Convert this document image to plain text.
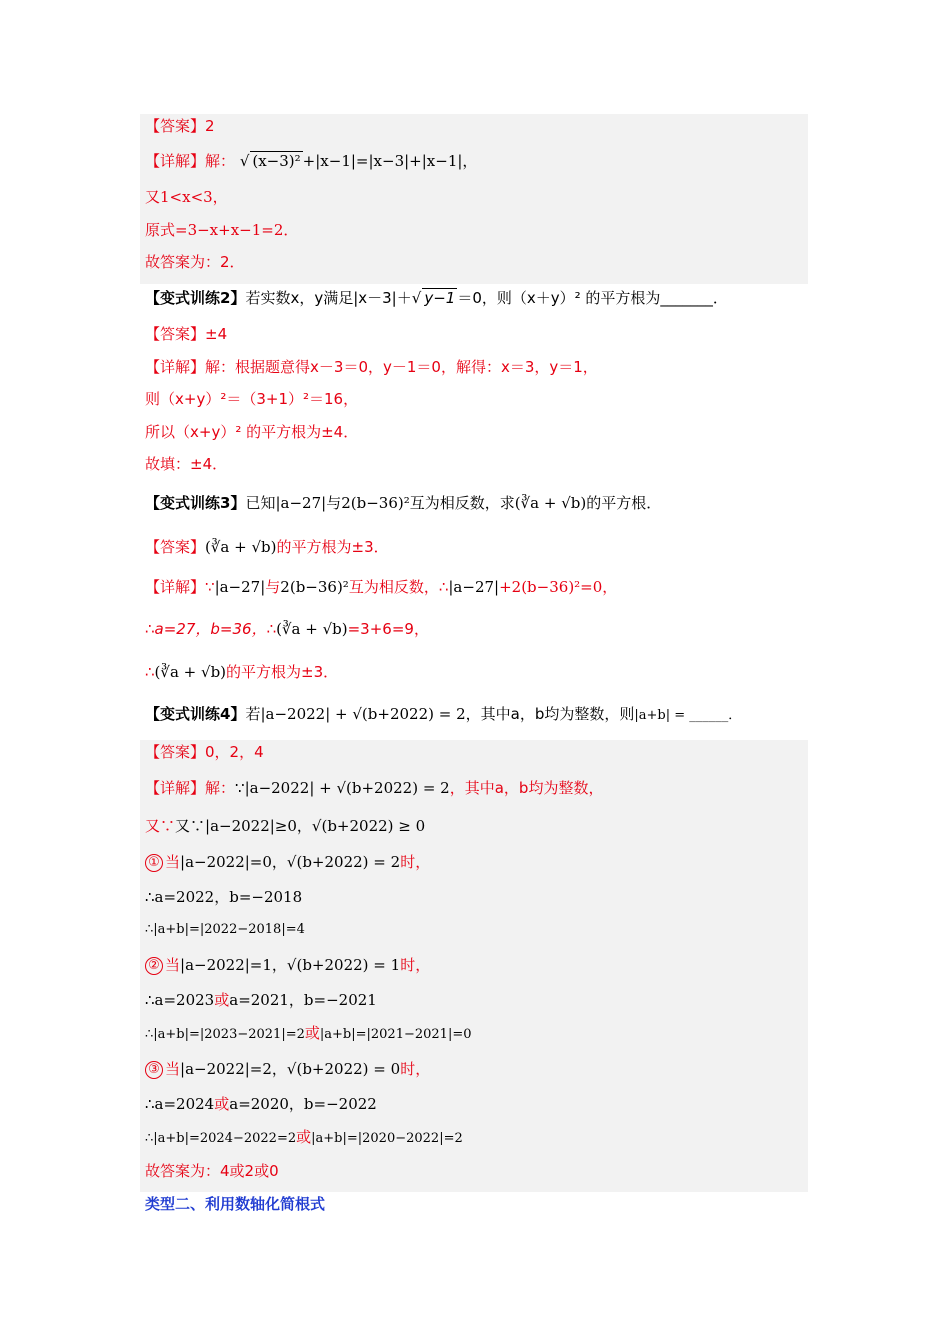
【答案】2
【详解】解： √ (x−3)² +|x−1|=|x−3|+|x−1|，
又1<x<3，
原式=3−x+x−1=2．
故答案为：2．
【变式训练2】若实数x，y满足|x－3|＋√ y−1 ＝0，则（x＋y）² 的平方根为_______．
【答案】±4
【详解】解：根据题意得x－3＝0，y－1＝0，解得：x＝3，y＝1，
则（x+y）²＝（3+1）²＝16，
所以（x+y）² 的平方根为±4．
故填：±4．
【变式训练3】已知|a−27|与2(b−36)²互为相反数，求(∛a + √b)的平方根．
【答案】(∛a + √b)的平方根为±3．
【详解】∵|a−27|与2(b−36)²互为相反数，∴|a−27|+2(b−36)²=0，
∴a=27，b=36，∴(∛a + √b)=3+6=9，
∴(∛a + √b)的平方根为±3．
【变式训练4】若|a−2022| + √(b+2022) = 2，其中a，b均为整数，则|a+b| = ______．
【答案】0，2，4
【详解】解：∵|a−2022| + √(b+2022) = 2，其中a，b均为整数，
又∵又∵|a−2022|≥0，√(b+2022) ≥ 0
① 当|a−2022|=0，√(b+2022) = 2时，
∴a=2022，b=−2018
∴|a+b|=|2022−2018|=4
② 当|a−2022|=1，√(b+2022) = 1时，
∴a=2023或a=2021，b=−2021
∴|a+b|=|2023−2021|=2或|a+b|=|2021−2021|=0
③ 当|a−2022|=2，√(b+2022) = 0时，
∴a=2024或a=2020，b=−2022
∴|a+b|=2024−2022=2或|a+b|=|2020−2022|=2
故答案为：4或2或0
类型二、利用数轴化简根式
